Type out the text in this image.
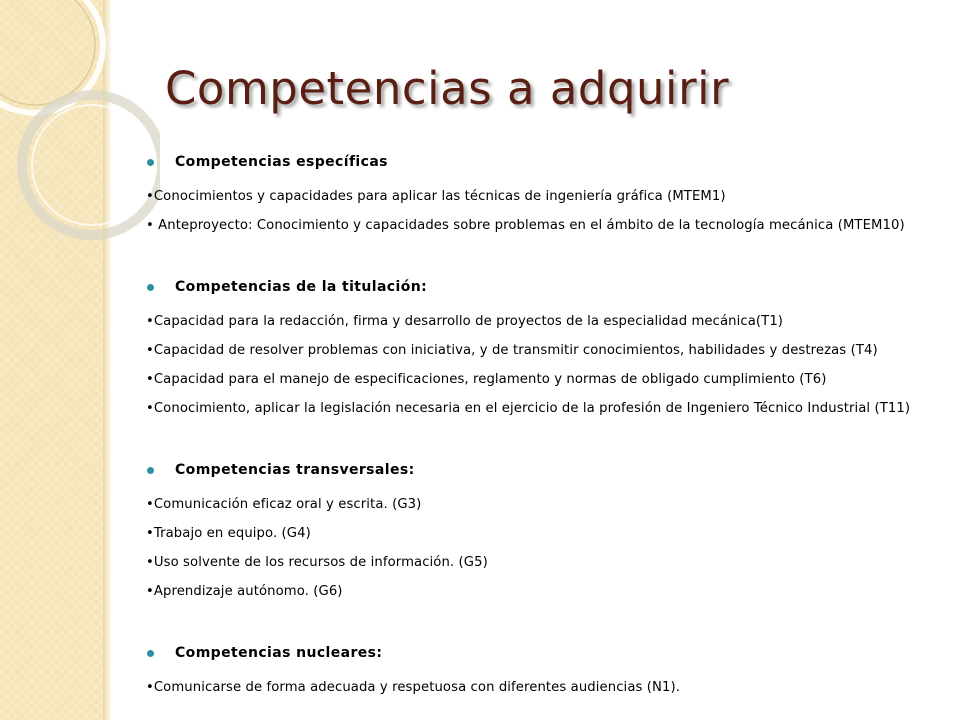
Competencias a adquirir
Competencias específicas
•Conocimientos y capacidades para aplicar las técnicas de ingeniería gráfica (MTEM1)
• Anteproyecto: Conocimiento y capacidades sobre problemas en el ámbito de la tecnología mecánica (MTEM10)
Competencias de la titulación:
•Capacidad para la redacción, firma y desarrollo de proyectos de la especialidad mecánica(T1)
•Capacidad de resolver problemas con iniciativa, y de transmitir conocimientos, habilidades y destrezas (T4)
•Capacidad para el manejo de especificaciones, reglamento y normas de obligado cumplimiento (T6)
•Conocimiento, aplicar la legislación necesaria en el ejercicio de la profesión de Ingeniero Técnico Industrial (T11)
Competencias transversales:
•Comunicación eficaz oral y escrita. (G3)
•Trabajo en equipo. (G4)
•Uso solvente de los recursos de información. (G5)
•Aprendizaje autónomo. (G6)
Competencias nucleares:
•Comunicarse de forma adecuada y respetuosa con diferentes audiencias (N1).
